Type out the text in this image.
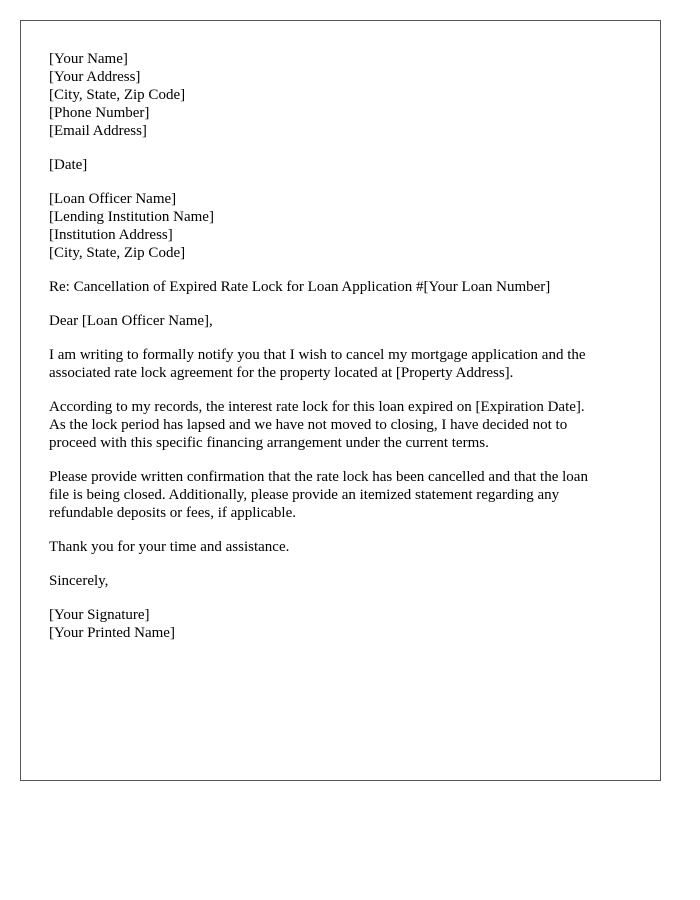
[Your Name]
[Your Address]
[City, State, Zip Code]
[Phone Number]
[Email Address]
[Date]
[Loan Officer Name]
[Lending Institution Name]
[Institution Address]
[City, State, Zip Code]
Re: Cancellation of Expired Rate Lock for Loan Application #[Your Loan Number]
Dear [Loan Officer Name],
I am writing to formally notify you that I wish to cancel my mortgage application and the
associated rate lock agreement for the property located at [Property Address].
According to my records, the interest rate lock for this loan expired on [Expiration Date].
As the lock period has lapsed and we have not moved to closing, I have decided not to
proceed with this specific financing arrangement under the current terms.
Please provide written confirmation that the rate lock has been cancelled and that the loan
file is being closed. Additionally, please provide an itemized statement regarding any
refundable deposits or fees, if applicable.
Thank you for your time and assistance.
Sincerely,
[Your Signature]
[Your Printed Name]
